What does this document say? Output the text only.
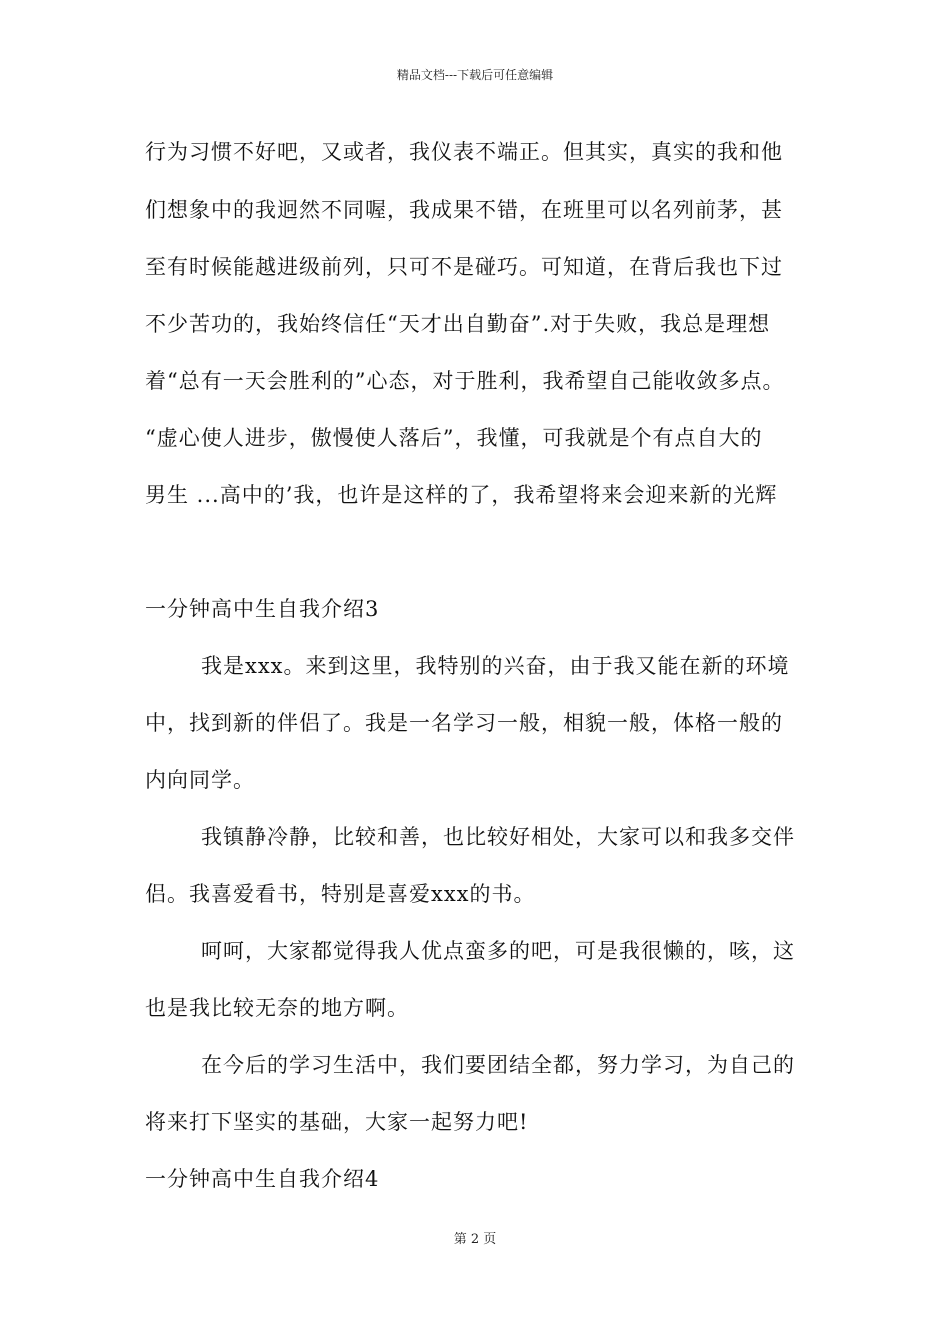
精品文档---下载后可任意编辑
行为习惯不好吧，又或者，我仪表不端正。但其实，真实的我和他
们想象中的我迥然不同喔，我成果不错，在班里可以名列前茅，甚
至有时候能越进级前列，只可不是碰巧。可知道，在背后我也下过
不少苦功的，我始终信任“天才出自勤奋”.对于失败，我总是理想
着“总有一天会胜利的”心态，对于胜利，我希望自己能收敛多点。
“虚心使人进步，傲慢使人落后”，我懂，可我就是个有点自大的
男生 ...高中的’我，也许是这样的了，我希望将来会迎来新的光辉
一分钟高中生自我介绍3
我是xxx。来到这里，我特别的兴奋，由于我又能在新的环境
中，找到新的伴侣了。我是一名学习一般，相貌一般，体格一般的
内向同学。
我镇静冷静，比较和善，也比较好相处，大家可以和我多交伴
侣。我喜爱看书，特别是喜爱xxx的书。
呵呵，大家都觉得我人优点蛮多的吧，可是我很懒的，咳，这
也是我比较无奈的地方啊。
在今后的学习生活中，我们要团结全都，努力学习，为自己的
将来打下坚实的基础，大家一起努力吧!
一分钟高中生自我介绍4
第 2 页
